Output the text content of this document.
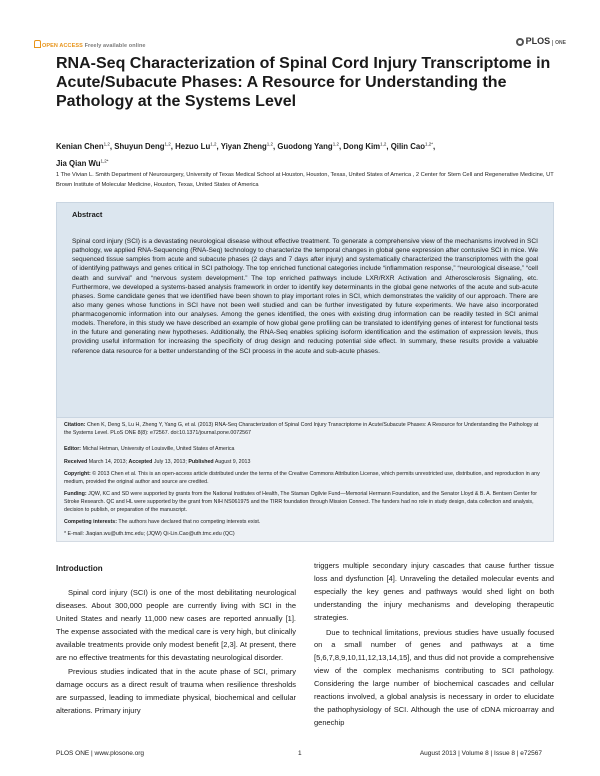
OPEN ACCESS Freely available online	PLOS ONE
RNA-Seq Characterization of Spinal Cord Injury Transcriptome in Acute/Subacute Phases: A Resource for Understanding the Pathology at the Systems Level
Kenian Chen$^{1,2}$, Shuyun Deng$^{1,2}$, Hezuo Lu$^{1,2}$, Yiyan Zheng$^{1,2}$, Guodong Yang$^{1,2}$, Dong Kim$^{1,2}$, Qilin Cao$^{1,2*}$,
Jia Qian $Wu^{1,2*}$
1 The Vivian L. Smith Department of Neurosurgery, University of Texas Medical School at Houston, Houston, Texas, United States of America , 2 Center for Stem Cell and Regenerative Medicine, UT Brown Institute of Molecular Medicine, Houston, Texas, United States of America
Abstract

Spinal cord injury (SCI) is a devastating neurological disease without effective treatment. To generate a comprehensive view of the mechanisms involved in SCI pathology, we applied RNA-Sequencing (RNA-Seq) technology to characterize the temporal changes in global gene expression after contusive SCI in mice. We sequenced tissue samples from acute and subacute phases (2 days and 7 days after injury) and systematically characterized the transcriptomes with the goal of identifying pathways and genes critical in SCI pathology. The top enriched functional categories include “inflammation response,” “neurological disease,” “cell death and survival” and “nervous system development.” The top enriched pathways include LXR/RXR Activation and Atherosclerosis Signaling, etc. Furthermore, we developed a systems-based analysis framework in order to identify key determinants in the global gene networks of the acute and sub-acute phases. Some candidate genes that we identified have been shown to play important roles in SCI, which demonstrates the validity of our approach. There are also many genes whose functions in SCI have not been well studied and can be further investigated by future experiments. We have also incorporated pharmacogenomic information into our analyses. Among the genes identified, the ones with existing drug information can be readily tested in SCI animal models. Therefore, in this study we have described an example of how global gene profiling can be translated to identifying genes of interest for functional tests in the future and generating new hypotheses. Additionally, the RNA-Seq enables splicing isoform identification and the estimation of expression levels, thus providing useful information for increasing the specificity of drug design and reducing potential side effect. In summary, these results provide a valuable reference data resource for a better understanding of the SCI process in the acute and sub-acute phases.

Citation: Chen K, Deng S, Lu H, Zheng Y, Yang G, et al. (2013) RNA-Seq Characterization of Spinal Cord Injury Transcriptome in Acute/Subacute Phases: A Resource for Understanding the Pathology at the Systems Level. PLoS ONE 8(8): e72567. doi:10.1371/journal.pone.0072567
Editor: Michal Hetman, University of Louisville, United States of America
Received March 14, 2013; Accepted July 13, 2013; Published August 9, 2013
Copyright: © 2013 Chen et al. This is an open-access article distributed under the terms of the Creative Commons Attribution License, which permits unrestricted use, distribution, and reproduction in any medium, provided the original author and source are credited.
Funding: JQW, KC and SD were supported by grants from the National Institutes of Health, The Staman Ogilvie Fund—Memorial Hermann Foundation, and the Senator Lloyd & B. A. Bentsen Center for Stroke Research. QC and HL were supported by the grant from NIH NS061975 and the TIRR foundation through Mission Connect. The funders had no role in study design, data collection and analysis, decision to publish, or preparation of the manuscript.
Competing interests: The authors have declared that no competing interests exist.
* E-mail: Jiaqian.wu@uth.tmc.edu; (JQW) Qi-Lin.Cao@uth.tmc.edu (QC)
Introduction

Spinal cord injury (SCI) is one of the most debilitating neurological diseases. About 300,000 people are currently living with SCI in the United States and nearly 11,000 new cases are reported annually [1]. The expense associated with the medical care is very high, but clinically available treatments provide only modest benefit [2,3]. At present, there are no effective treatments for this devastating neurological disorder.

Previous studies indicated that in the acute phase of SCI, primary damage occurs as a direct result of trauma when resilience thresholds are surpassed, leading to immediate physical, biochemical and cellular alterations. Primary injury

triggers multiple secondary injury cascades that cause further tissue loss and dysfunction [4]. Unraveling the detailed molecular events and especially the key genes and pathways would shed light on both understanding the injury mechanisms and developing therapeutic strategies.

Due to technical limitations, previous studies have usually focused on a small number of genes and pathways at a time [5,6,7,8,9,10,11,12,13,14,15], and thus did not provide a comprehensive view of the complex mechanisms contributing to SCI pathology. Considering the large number of biochemical cascades and cellular reactions involved, a global analysis is necessary in order to elucidate the pathophysiology of SCI. Although the use of cDNA microarray and genechip

PLOS ONE | www.plosone.org	1	August 2013 | Volume 8 | Issue 8 | e72567
